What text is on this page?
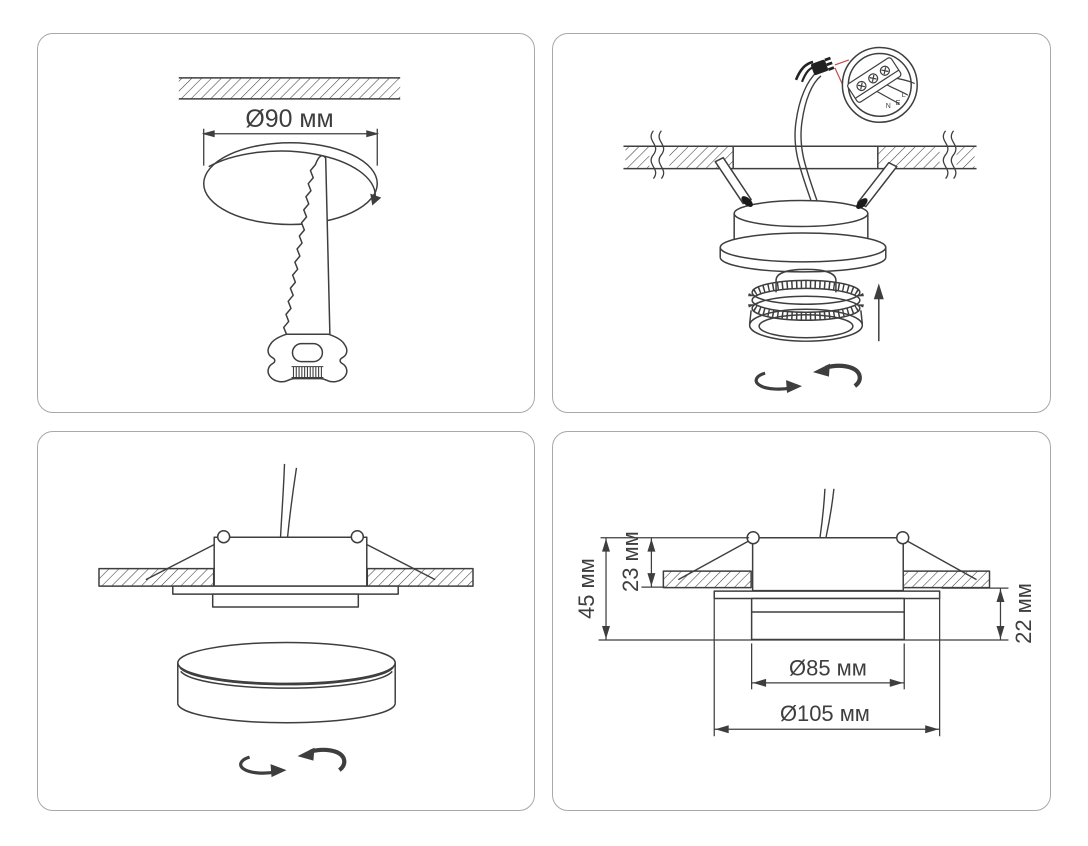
Ø90 мм
L
N E
45 мм 23 мм
22 мм
Ø85 мм
Ø105 мм
